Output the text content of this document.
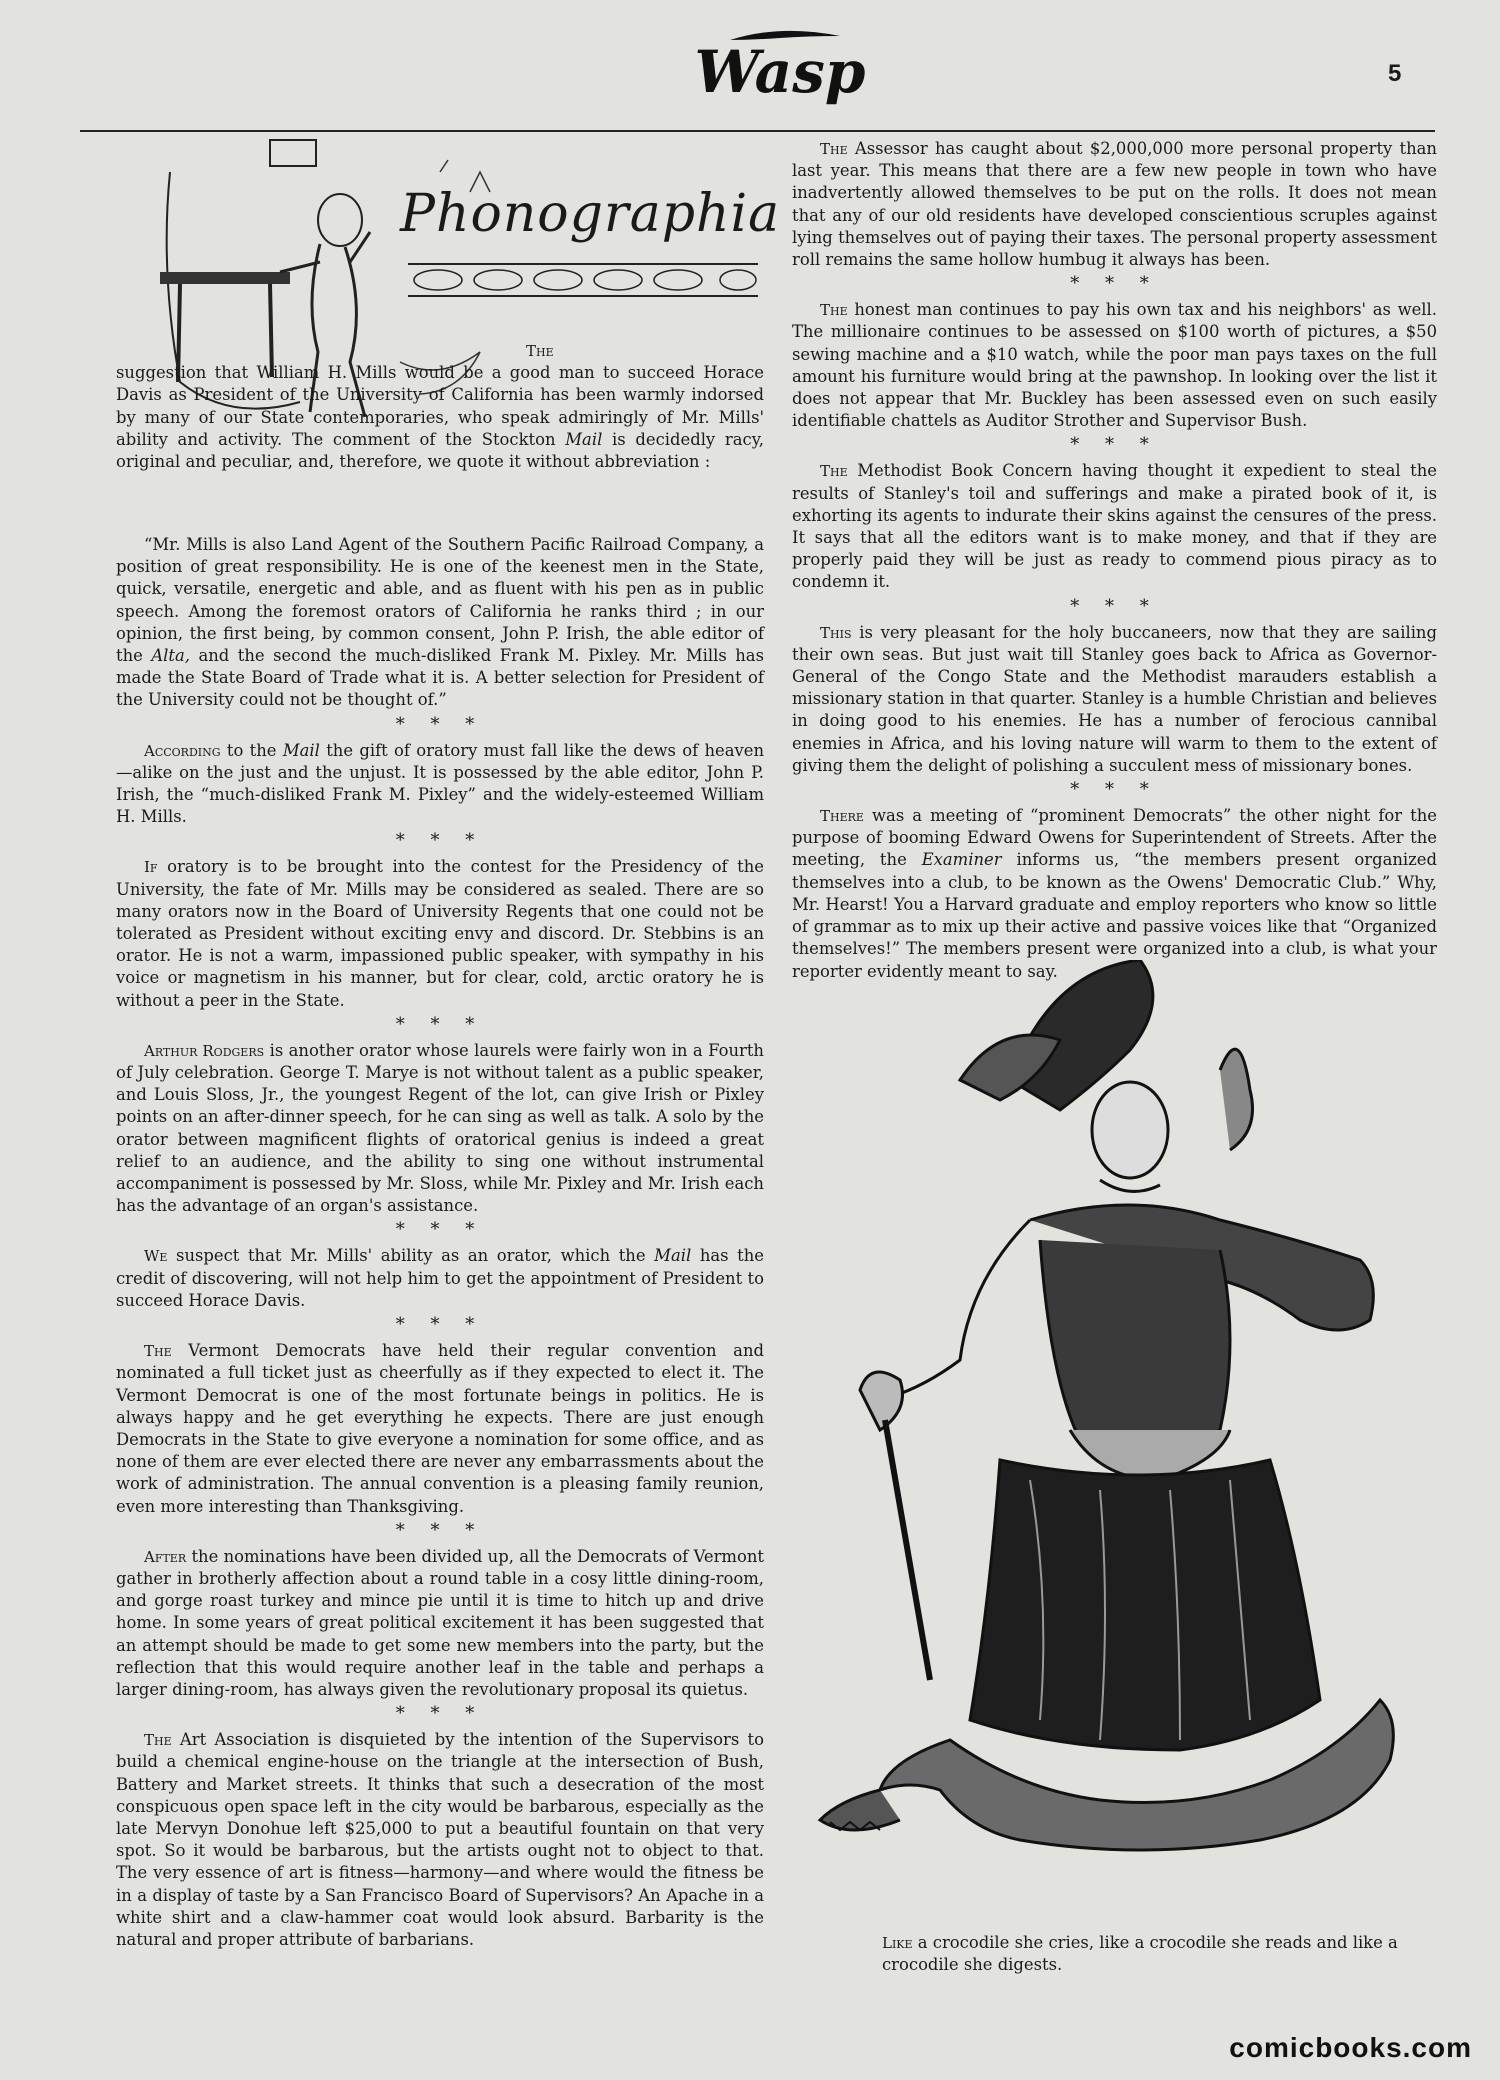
Wasp	5
Phonographia
The
suggestion that William H. Mills would be a good man to succeed Horace Davis as President of the University of California has been warmly indorsed by many of our State contemporaries, who speak admiringly of Mr. Mills' ability and activity. The comment of the Stockton Mail is decidedly racy, original and peculiar, and, therefore, we quote it without abbreviation :

“Mr. Mills is also Land Agent of the Southern Pacific Railroad Company, a position of great responsibility. He is one of the keenest men in the State, quick, versatile, energetic and able, and as fluent with his pen as in public speech. Among the foremost orators of California he ranks third ; in our opinion, the first being, by common consent, John P. Irish, the able editor of the Alta, and the second the much-disliked Frank M. Pixley. Mr. Mills has made the State Board of Trade what it is. A better selection for President of the University could not be thought of.”

* * *

According to the Mail the gift of oratory must fall like the dews of heaven—alike on the just and the unjust. It is possessed by the able editor, John P. Irish, the “much-disliked Frank M. Pixley” and the widely-esteemed William H. Mills.

* * *

If oratory is to be brought into the contest for the Presidency of the University, the fate of Mr. Mills may be considered as sealed. There are so many orators now in the Board of University Regents that one could not be tolerated as President without exciting envy and discord. Dr. Stebbins is an orator. He is not a warm, impassioned public speaker, with sympathy in his voice or magnetism in his manner, but for clear, cold, arctic oratory he is without a peer in the State.

* * *

Arthur Rodgers is another orator whose laurels were fairly won in a Fourth of July celebration. George T. Marye is not without talent as a public speaker, and Louis Sloss, Jr., the youngest Regent of the lot, can give Irish or Pixley points on an after-dinner speech, for he can sing as well as talk. A solo by the orator between magnificent flights of oratorical genius is indeed a great relief to an audience, and the ability to sing one without instrumental accompaniment is possessed by Mr. Sloss, while Mr. Pixley and Mr. Irish each has the advantage of an organ's assistance.

* * *

We suspect that Mr. Mills' ability as an orator, which the Mail has the credit of discovering, will not help him to get the appointment of President to succeed Horace Davis.

* * *

The Vermont Democrats have held their regular convention and nominated a full ticket just as cheerfully as if they expected to elect it. The Vermont Democrat is one of the most fortunate beings in politics. He is always happy and he get everything he expects. There are just enough Democrats in the State to give everyone a nomination for some office, and as none of them are ever elected there are never any embarrassments about the work of administration. The annual convention is a pleasing family reunion, even more interesting than Thanksgiving.

* * *

After the nominations have been divided up, all the Democrats of Vermont gather in brotherly affection about a round table in a cosy little dining-room, and gorge roast turkey and mince pie until it is time to hitch up and drive home. In some years of great political excitement it has been suggested that an attempt should be made to get some new members into the party, but the reflection that this would require another leaf in the table and perhaps a larger dining-room, has always given the revolutionary proposal its quietus.

* * *

The Art Association is disquieted by the intention of the Supervisors to build a chemical engine-house on the triangle at the intersection of Bush, Battery and Market streets. It thinks that such a desecration of the most conspicuous open space left in the city would be barbarous, especially as the late Mervyn Donohue left $25,000 to put a beautiful fountain on that very spot. So it would be barbarous, but the artists ought not to object to that. The very essence of art is fitness—harmony—and where would the fitness be in a display of taste by a San Francisco Board of Supervisors? An Apache in a white shirt and a claw-hammer coat would look absurd. Barbarity is the natural and proper attribute of barbarians.

The Assessor has caught about $2,000,000 more personal property than last year. This means that there are a few new people in town who have inadvertently allowed themselves to be put on the rolls. It does not mean that any of our old residents have developed conscientious scruples against lying themselves out of paying their taxes. The personal property assessment roll remains the same hollow humbug it always has been.

* * *

The honest man continues to pay his own tax and his neighbors' as well. The millionaire continues to be assessed on $100 worth of pictures, a $50 sewing machine and a $10 watch, while the poor man pays taxes on the full amount his furniture would bring at the pawnshop. In looking over the list it does not appear that Mr. Buckley has been assessed even on such easily identifiable chattels as Auditor Strother and Supervisor Bush.

* * *

The Methodist Book Concern having thought it expedient to steal the results of Stanley's toil and sufferings and make a pirated book of it, is exhorting its agents to indurate their skins against the censures of the press. It says that all the editors want is to make money, and that if they are properly paid they will be just as ready to commend pious piracy as to condemn it.

* * *

This is very pleasant for the holy buccaneers, now that they are sailing their own seas. But just wait till Stanley goes back to Africa as Governor-General of the Congo State and the Methodist marauders establish a missionary station in that quarter. Stanley is a humble Christian and believes in doing good to his enemies. He has a number of ferocious cannibal enemies in Africa, and his loving nature will warm to them to the extent of giving them the delight of polishing a succulent mess of missionary bones.

* * *

There was a meeting of “prominent Democrats” the other night for the purpose of booming Edward Owens for Superintendent of Streets. After the meeting, the Examiner informs us, “the members present organized themselves into a club, to be known as the Owens' Democratic Club.” Why, Mr. Hearst! You a Harvard graduate and employ reporters who know so little of grammar as to mix up their active and passive voices like that “Organized themselves!” The members present were organized into a club, is what your reporter evidently meant to say.

Like a crocodile she cries, like a crocodile she reads and like a crocodile she digests.
comicbooks.com
